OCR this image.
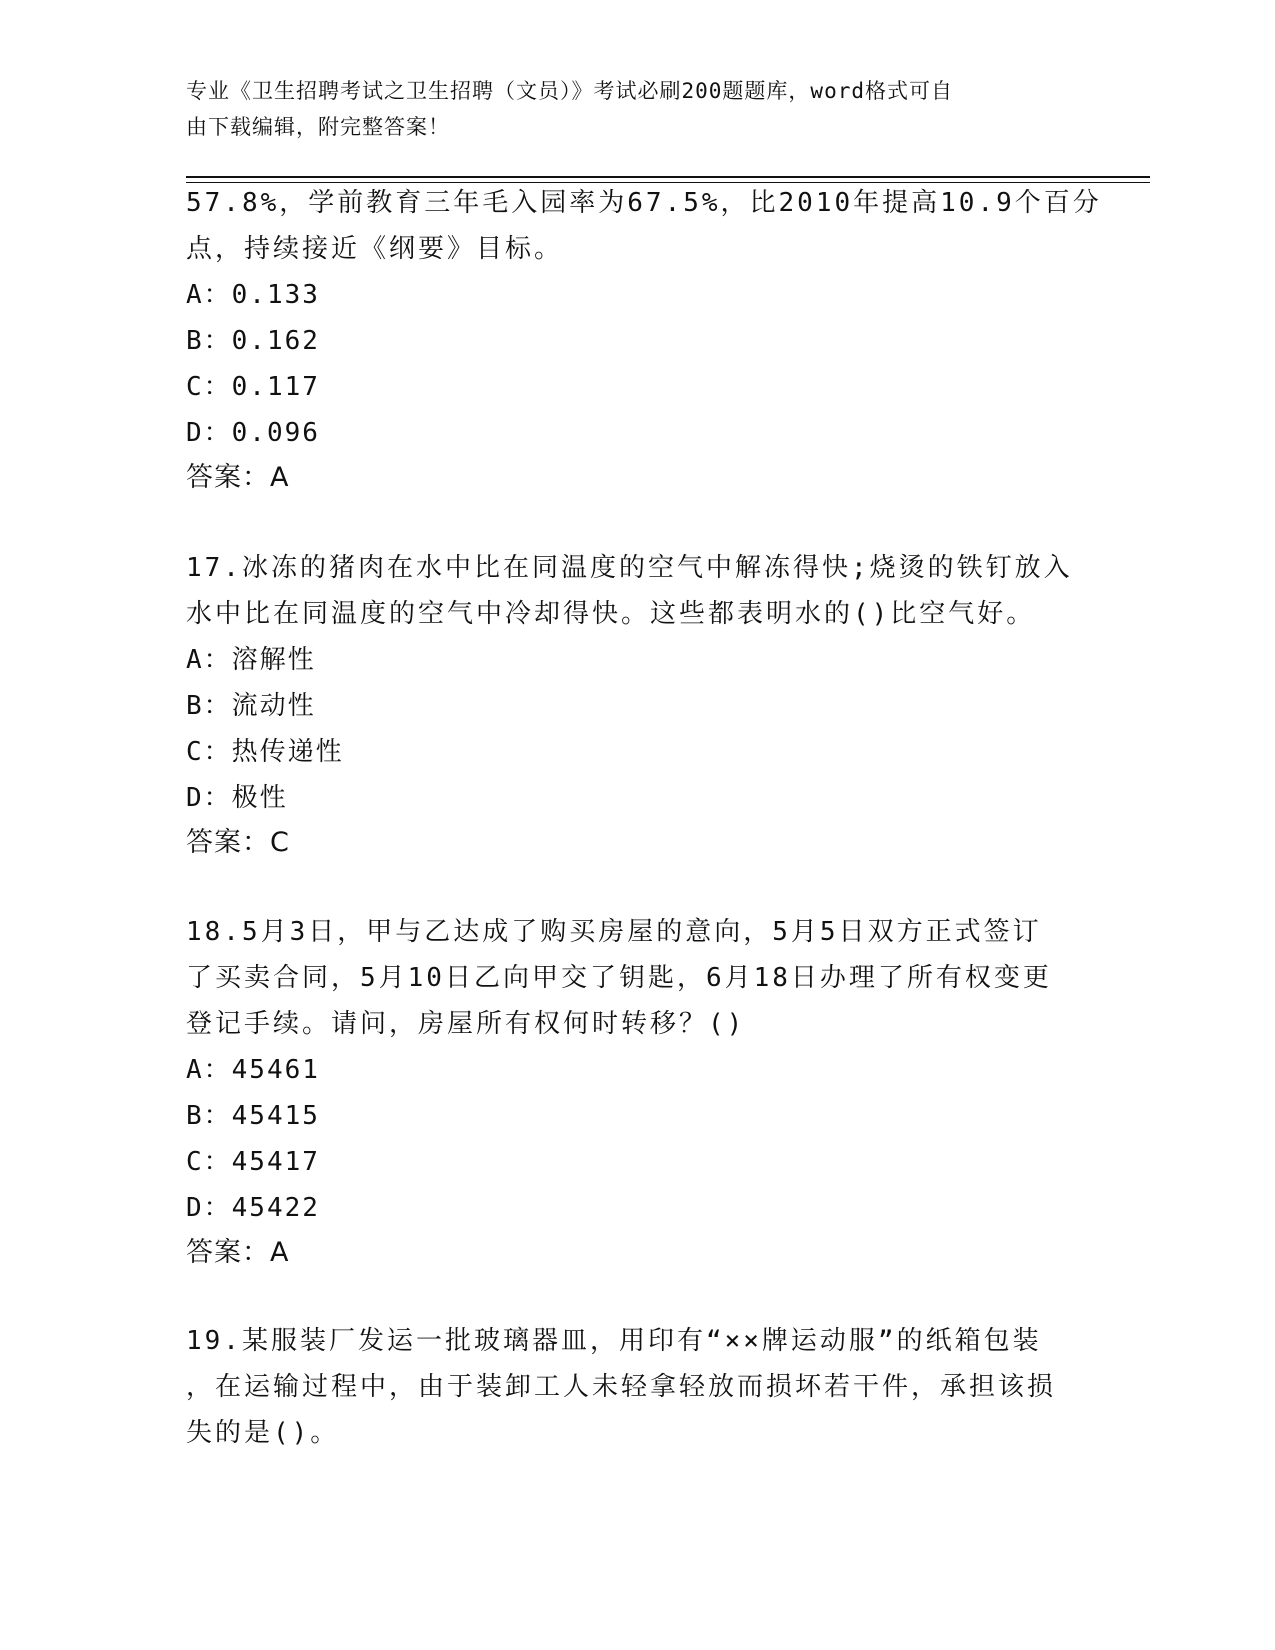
专业《卫生招聘考试之卫生招聘（文员）》考试必刷200题题库，word格式可自
由下载编辑，附完整答案！
57.8%，学前教育三年毛入园率为67.5%，比2010年提高10.9个百分
点，持续接近《纲要》目标。
A：0.133
B：0.162
C：0.117
D：0.096
答案：A
17.冰冻的猪肉在水中比在同温度的空气中解冻得快;烧烫的铁钉放入
水中比在同温度的空气中冷却得快。这些都表明水的()比空气好。
A：溶解性
B：流动性
C：热传递性
D：极性
答案：C
18.5月3日，甲与乙达成了购买房屋的意向，5月5日双方正式签订
了买卖合同，5月10日乙向甲交了钥匙，6月18日办理了所有权变更
登记手续。请问，房屋所有权何时转移？()
A：45461
B：45415
C：45417
D：45422
答案：A
19.某服装厂发运一批玻璃器皿，用印有“××牌运动服”的纸箱包装
，在运输过程中，由于装卸工人未轻拿轻放而损坏若干件，承担该损
失的是()。
